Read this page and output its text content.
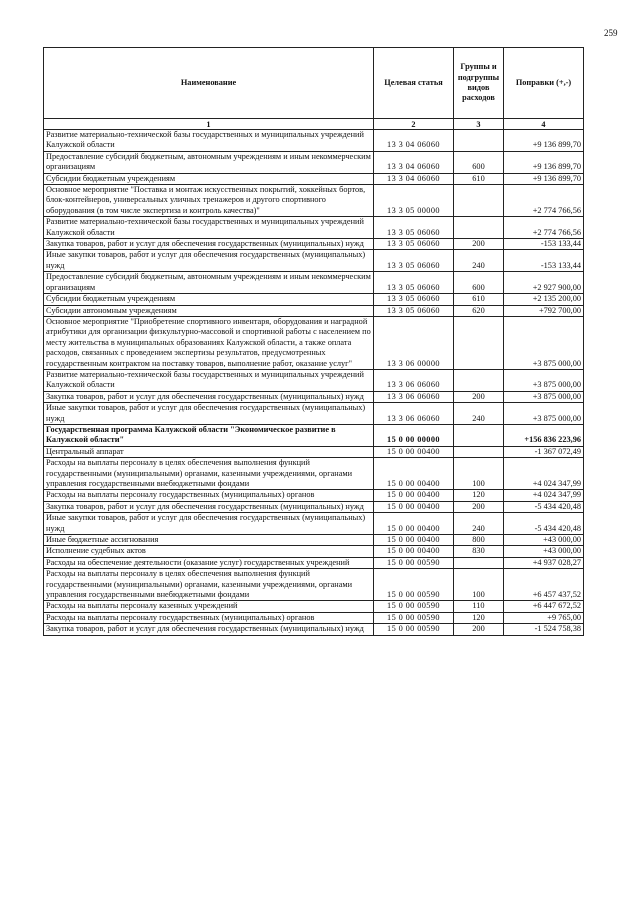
259
Наименование	Целевая статья	Группы и подгруппы видов расходов	Поправки (+,-)
1	2	3	4
Развитие материально-технической базы государственных и муниципальных учреждений Калужской области	13 3 04 06060		+9 136 899,70
Предоставление субсидий бюджетным, автономным учреждениям и иным некоммерческим организациям	13 3 04 06060	600	+9 136 899,70
Субсидии бюджетным учреждениям	13 3 04 06060	610	+9 136 899,70
Основное мероприятие "Поставка и монтаж искусственных покрытий, хоккейных бортов, блок-контейнеров, универсальных уличных тренажеров и другого спортивного оборудования (в том числе экспертиза и контроль качества)"	13 3 05 00000		+2 774 766,56
Развитие материально-технической базы государственных и муниципальных учреждений Калужской области	13 3 05 06060		+2 774 766,56
Закупка товаров, работ и услуг для обеспечения государственных (муниципальных) нужд	13 3 05 06060	200	-153 133,44
Иные закупки товаров, работ и услуг для обеспечения государственных (муниципальных) нужд	13 3 05 06060	240	-153 133,44
Предоставление субсидий бюджетным, автономным учреждениям и иным некоммерческим организациям	13 3 05 06060	600	+2 927 900,00
Субсидии бюджетным учреждениям	13 3 05 06060	610	+2 135 200,00
Субсидии автономным учреждениям	13 3 05 06060	620	+792 700,00
Основное мероприятие "Приобретение спортивного инвентаря, оборудования и наградной атрибутики для организации физкультурно-массовой и спортивной работы с населением по месту жительства в муниципальных образованиях Калужской области, а также оплата расходов, связанных с проведением экспертизы результатов, предусмотренных государственным контрактом на поставку товаров, выполнение работ, оказание услуг"	13 3 06 00000		+3 875 000,00
Развитие материально-технической базы государственных и муниципальных учреждений Калужской области	13 3 06 06060		+3 875 000,00
Закупка товаров, работ и услуг для обеспечения государственных (муниципальных) нужд	13 3 06 06060	200	+3 875 000,00
Иные закупки товаров, работ и услуг для обеспечения государственных (муниципальных) нужд	13 3 06 06060	240	+3 875 000,00
Государственная программа Калужской области "Экономическое развитие в Калужской области"	15 0 00 00000		+156 836 223,96
Центральный аппарат	15 0 00 00400		-1 367 072,49
Расходы на выплаты персоналу в целях обеспечения выполнения функций государственными (муниципальными) органами, казенными учреждениями, органами управления государственными внебюджетными фондами	15 0 00 00400	100	+4 024 347,99
Расходы на выплаты персоналу государственных (муниципальных) органов	15 0 00 00400	120	+4 024 347,99
Закупка товаров, работ и услуг для обеспечения государственных (муниципальных) нужд	15 0 00 00400	200	-5 434 420,48
Иные закупки товаров, работ и услуг для обеспечения государственных (муниципальных) нужд	15 0 00 00400	240	-5 434 420,48
Иные бюджетные ассигнования	15 0 00 00400	800	+43 000,00
Исполнение судебных актов	15 0 00 00400	830	+43 000,00
Расходы на обеспечение деятельности (оказание услуг) государственных учреждений	15 0 00 00590		+4 937 028,27
Расходы на выплаты персоналу в целях обеспечения выполнения функций государственными (муниципальными) органами, казенными учреждениями, органами управления государственными внебюджетными фондами	15 0 00 00590	100	+6 457 437,52
Расходы на выплаты персоналу казенных учреждений	15 0 00 00590	110	+6 447 672,52
Расходы на выплаты персоналу государственных (муниципальных) органов	15 0 00 00590	120	+9 765,00
Закупка товаров, работ и услуг для обеспечения государственных (муниципальных) нужд	15 0 00 00590	200	-1 524 758,38
